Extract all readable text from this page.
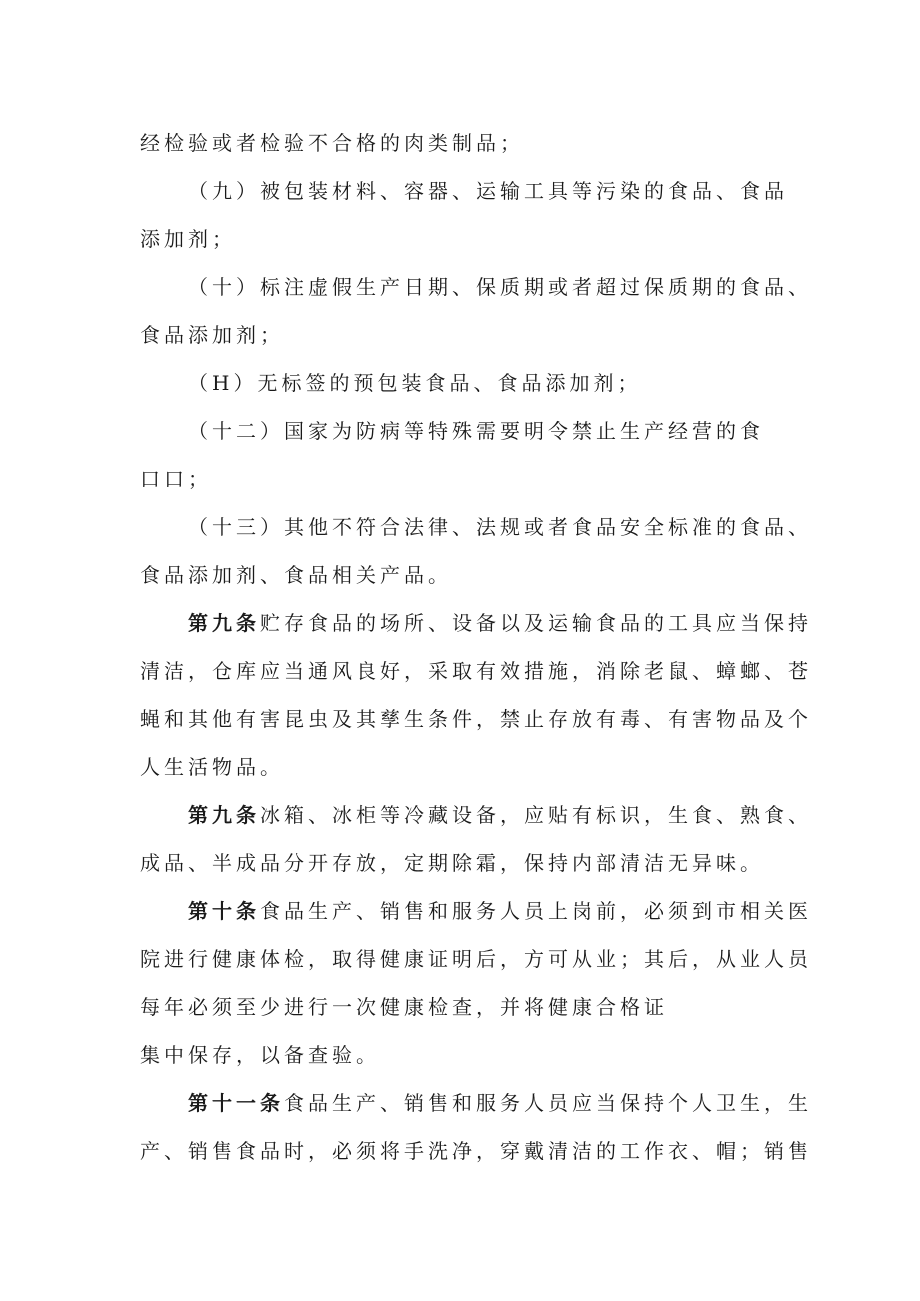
经检验或者检验不合格的肉类制品；
（九）被包装材料、容器、运输工具等污染的食品、食品
添加剂；
（十）标注虚假生产日期、保质期或者超过保质期的食品、
食品添加剂；
（H）无标签的预包装食品、食品添加剂；
（十二）国家为防病等特殊需要明令禁止生产经营的食
口口；
（十三）其他不符合法律、法规或者食品安全标准的食品、
食品添加剂、食品相关产品。
第九条贮存食品的场所、设备以及运输食品的工具应当保持
清洁，仓库应当通风良好，采取有效措施，消除老鼠、蟑螂、苍
蝇和其他有害昆虫及其孳生条件，禁止存放有毒、有害物品及个
人生活物品。
第九条冰箱、冰柜等冷藏设备，应贴有标识，生食、熟食、
成品、半成品分开存放，定期除霜，保持内部清洁无异味。
第十条食品生产、销售和服务人员上岗前，必须到市相关医
院进行健康体检，取得健康证明后，方可从业；其后，从业人员
每年必须至少进行一次健康检查，并将健康合格证
集中保存，以备查验。
第十一条食品生产、销售和服务人员应当保持个人卫生，生
产、销售食品时，必须将手洗净，穿戴清洁的工作衣、帽；销售
